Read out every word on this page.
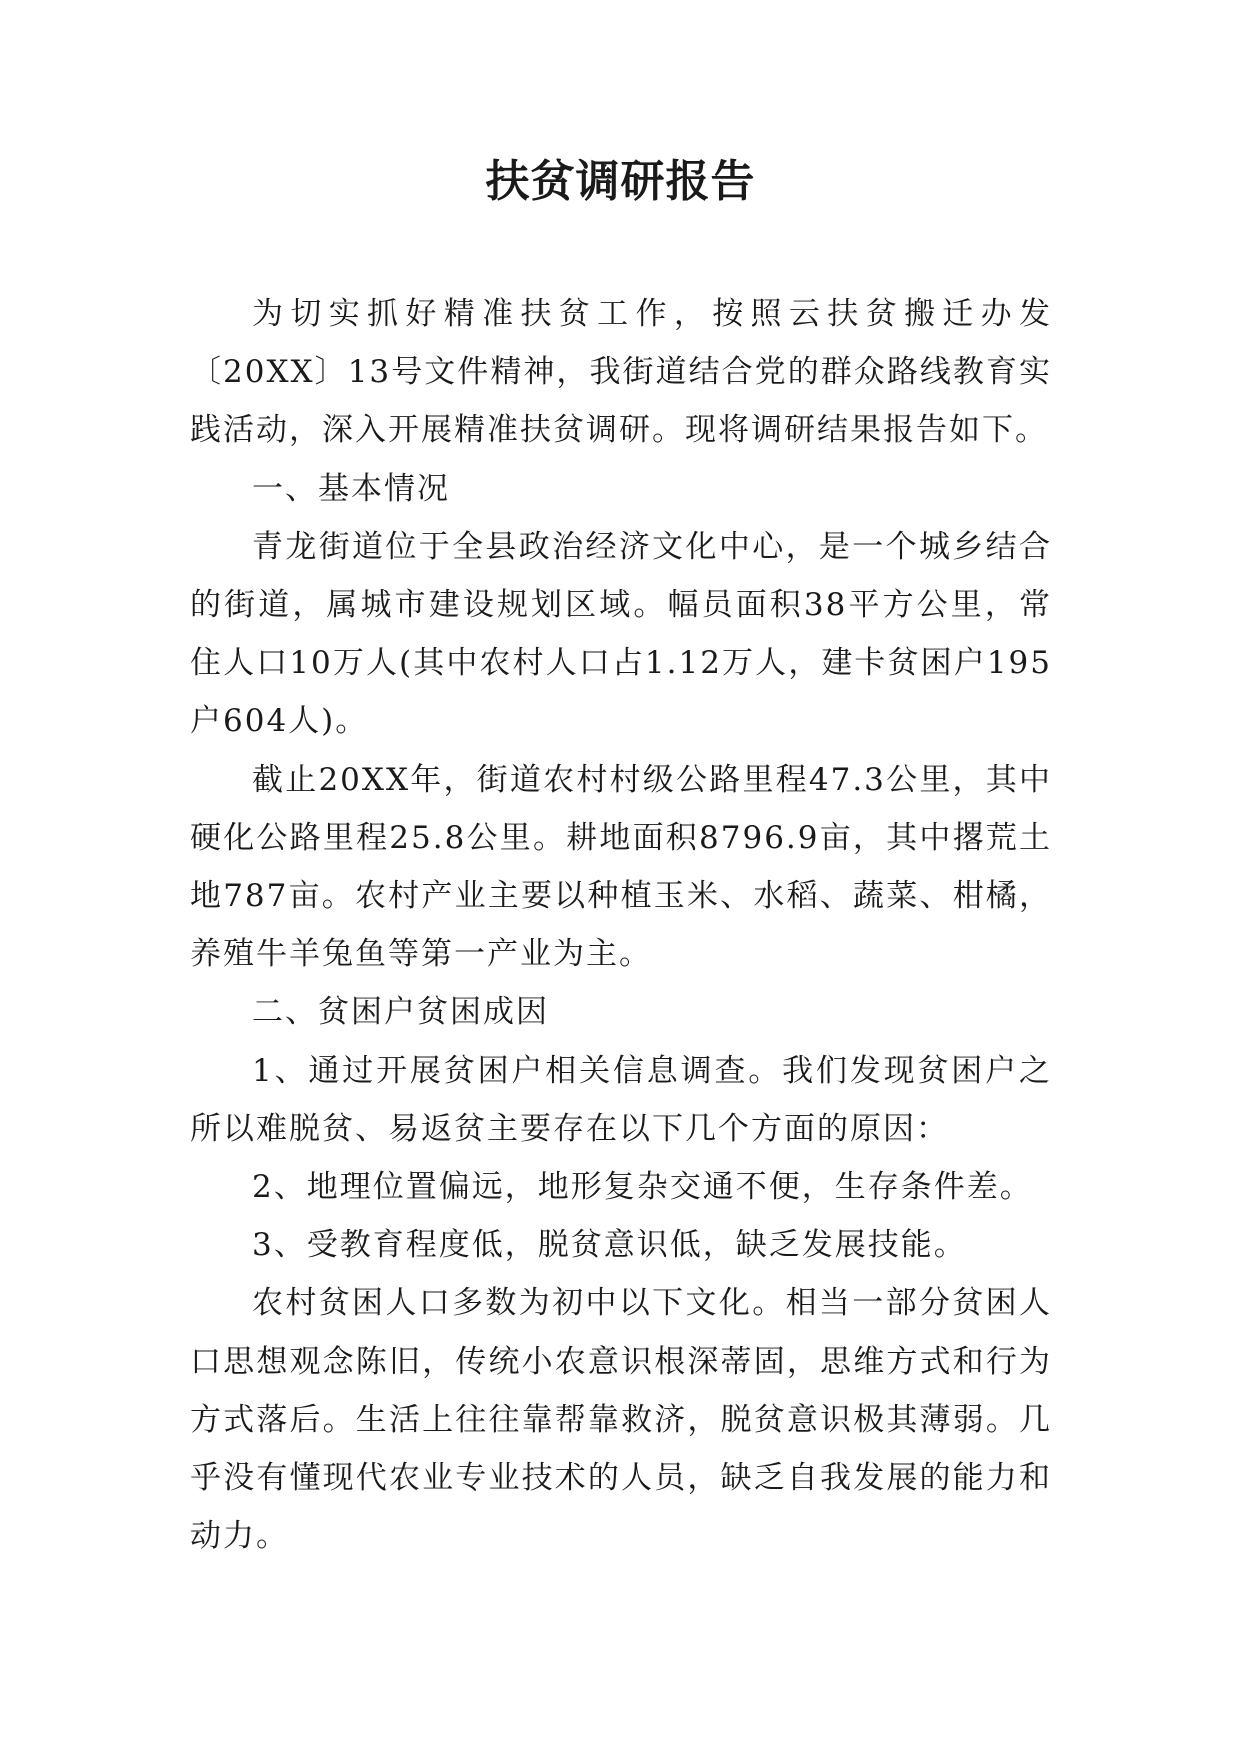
扶贫调研报告

为切实抓好精准扶贫工作，按照云扶贫搬迁办发〔20XX〕13号文件精神，我街道结合党的群众路线教育实践活动，深入开展精准扶贫调研。现将调研结果报告如下。

一、基本情况

青龙街道位于全县政治经济文化中心，是一个城乡结合的街道，属城市建设规划区域。幅员面积38平方公里，常住人口10万人(其中农村人口占1.12万人，建卡贫困户195户604人)。

截止20XX年，街道农村村级公路里程47.3公里，其中硬化公路里程25.8公里。耕地面积8796.9亩，其中撂荒土地787亩。农村产业主要以种植玉米、水稻、蔬菜、柑橘，养殖牛羊兔鱼等第一产业为主。

二、贫困户贫困成因

1、通过开展贫困户相关信息调查。我们发现贫困户之所以难脱贫、易返贫主要存在以下几个方面的原因：

2、地理位置偏远，地形复杂交通不便，生存条件差。

3、受教育程度低，脱贫意识低，缺乏发展技能。

农村贫困人口多数为初中以下文化。相当一部分贫困人口思想观念陈旧，传统小农意识根深蒂固，思维方式和行为方式落后。生活上往往靠帮靠救济，脱贫意识极其薄弱。几乎没有懂现代农业专业技术的人员，缺乏自我发展的能力和动力。
